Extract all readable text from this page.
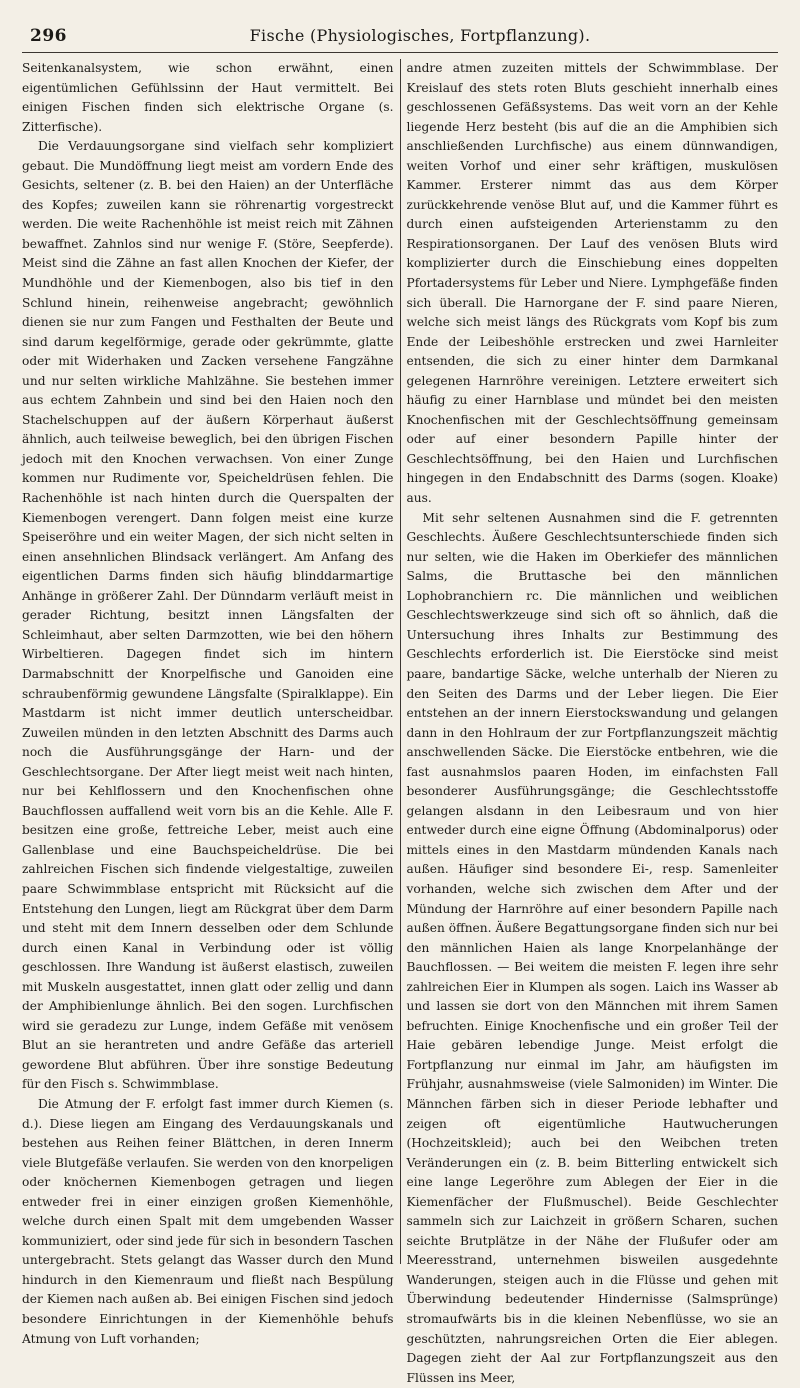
296	Fische (Physiologisches, Fortpflanzung).

Seitenkanalsystem, wie schon erwähnt, einen eigentümlichen Gefühlssinn der Haut vermittelt. Bei einigen Fischen finden sich elektrische Organe (s. Zitterfische).

Die Verdauungsorgane sind vielfach sehr kompliziert gebaut. Die Mundöffnung liegt meist am vordern Ende des Gesichts, seltener (z. B. bei den Haien) an der Unterfläche des Kopfes; zuweilen kann sie röhrenartig vorgestreckt werden. Die weite Rachenhöhle ist meist reich mit Zähnen bewaffnet. Zahnlos sind nur wenige F. (Störe, Seepferde). Meist sind die Zähne an fast allen Knochen der Kiefer, der Mundhöhle und der Kiemenbogen, also bis tief in den Schlund hinein, reihenweise angebracht; gewöhnlich dienen sie nur zum Fangen und Festhalten der Beute und sind darum kegelförmige, gerade oder gekrümmte, glatte oder mit Widerhaken und Zacken versehene Fangzähne und nur selten wirkliche Mahlzähne. Sie bestehen immer aus echtem Zahnbein und sind bei den Haien noch den Stachelschuppen auf der äußern Körperhaut äußerst ähnlich, auch teilweise beweglich, bei den übrigen Fischen jedoch mit den Knochen verwachsen. Von einer Zunge kommen nur Rudimente vor, Speicheldrüsen fehlen. Die Rachenhöhle ist nach hinten durch die Querspalten der Kiemenbogen verengert. Dann folgen meist eine kurze Speiseröhre und ein weiter Magen, der sich nicht selten in einen ansehnlichen Blindsack verlängert. Am Anfang des eigentlichen Darms finden sich häufig blinddarmartige Anhänge in größerer Zahl. Der Dünndarm verläuft meist in gerader Richtung, besitzt innen Längsfalten der Schleimhaut, aber selten Darmzotten, wie bei den höhern Wirbeltieren. Dagegen findet sich im hintern Darmabschnitt der Knorpelfische und Ganoiden eine schraubenförmig gewundene Längsfalte (Spiralklappe). Ein Mastdarm ist nicht immer deutlich unterscheidbar. Zuweilen münden in den letzten Abschnitt des Darms auch noch die Ausführungsgänge der Harn- und der Geschlechtsorgane. Der After liegt meist weit nach hinten, nur bei Kehlflossern und den Knochenfischen ohne Bauchflossen auffallend weit vorn bis an die Kehle. Alle F. besitzen eine große, fettreiche Leber, meist auch eine Gallenblase und eine Bauchspeicheldrüse. Die bei zahlreichen Fischen sich findende vielgestaltige, zuweilen paare Schwimmblase entspricht mit Rücksicht auf die Entstehung den Lungen, liegt am Rückgrat über dem Darm und steht mit dem Innern desselben oder dem Schlunde durch einen Kanal in Verbindung oder ist völlig geschlossen. Ihre Wandung ist äußerst elastisch, zuweilen mit Muskeln ausgestattet, innen glatt oder zellig und dann der Amphibienlunge ähnlich. Bei den sogen. Lurchfischen wird sie geradezu zur Lunge, indem Gefäße mit venösem Blut an sie herantreten und andre Gefäße das arteriell gewordene Blut abführen. Über ihre sonstige Bedeutung für den Fisch s. Schwimmblase.

Die Atmung der F. erfolgt fast immer durch Kiemen (s. d.). Diese liegen am Eingang des Verdauungskanals und bestehen aus Reihen feiner Blättchen, in deren Innerm viele Blutgefäße verlaufen. Sie werden von den knorpeligen oder knöchernen Kiemenbogen getragen und liegen entweder frei in einer einzigen großen Kiemenhöhle, welche durch einen Spalt mit dem umgebenden Wasser kommuniziert, oder sind jede für sich in besondern Taschen untergebracht. Stets gelangt das Wasser durch den Mund hindurch in den Kiemenraum und fließt nach Bespülung der Kiemen nach außen ab. Bei einigen Fischen sind jedoch besondere Einrichtungen in der Kiemenhöhle behufs Atmung von Luft vorhanden;

andre atmen zuzeiten mittels der Schwimmblase. Der Kreislauf des stets roten Bluts geschieht innerhalb eines geschlossenen Gefäßsystems. Das weit vorn an der Kehle liegende Herz besteht (bis auf die an die Amphibien sich anschließenden Lurchfische) aus einem dünnwandigen, weiten Vorhof und einer sehr kräftigen, muskulösen Kammer. Ersterer nimmt das aus dem Körper zurückkehrende venöse Blut auf, und die Kammer führt es durch einen aufsteigenden Arterienstamm zu den Respirationsorganen. Der Lauf des venösen Bluts wird komplizierter durch die Einschiebung eines doppelten Pfortadersystems für Leber und Niere. Lymphgefäße finden sich überall. Die Harnorgane der F. sind paare Nieren, welche sich meist längs des Rückgrats vom Kopf bis zum Ende der Leibeshöhle erstrecken und zwei Harnleiter entsenden, die sich zu einer hinter dem Darmkanal gelegenen Harnröhre vereinigen. Letztere erweitert sich häufig zu einer Harnblase und mündet bei den meisten Knochenfischen mit der Geschlechtsöffnung gemeinsam oder auf einer besondern Papille hinter der Geschlechtsöffnung, bei den Haien und Lurchfischen hingegen in den Endabschnitt des Darms (sogen. Kloake) aus.

Mit sehr seltenen Ausnahmen sind die F. getrennten Geschlechts. Äußere Geschlechtsunterschiede finden sich nur selten, wie die Haken im Oberkiefer des männlichen Salms, die Bruttasche bei den männlichen Lophobranchiern rc. Die männlichen und weiblichen Geschlechtswerkzeuge sind sich oft so ähnlich, daß die Untersuchung ihres Inhalts zur Bestimmung des Geschlechts erforderlich ist. Die Eierstöcke sind meist paare, bandartige Säcke, welche unterhalb der Nieren zu den Seiten des Darms und der Leber liegen. Die Eier entstehen an der innern Eierstockswandung und gelangen dann in den Hohlraum der zur Fortpflanzungszeit mächtig anschwellenden Säcke. Die Eierstöcke entbehren, wie die fast ausnahmslos paaren Hoden, im einfachsten Fall besonderer Ausführungsgänge; die Geschlechtsstoffe gelangen alsdann in den Leibesraum und von hier entweder durch eine eigne Öffnung (Abdominalporus) oder mittels eines in den Mastdarm mündenden Kanals nach außen. Häufiger sind besondere Ei-, resp. Samenleiter vorhanden, welche sich zwischen dem After und der Mündung der Harnröhre auf einer besondern Papille nach außen öffnen. Äußere Begattungsorgane finden sich nur bei den männlichen Haien als lange Knorpelanhänge der Bauchflossen. — Bei weitem die meisten F. legen ihre sehr zahlreichen Eier in Klumpen als sogen. Laich ins Wasser ab und lassen sie dort von den Männchen mit ihrem Samen befruchten. Einige Knochenfische und ein großer Teil der Haie gebären lebendige Junge. Meist erfolgt die Fortpflanzung nur einmal im Jahr, am häufigsten im Frühjahr, ausnahmsweise (viele Salmoniden) im Winter. Die Männchen färben sich in dieser Periode lebhafter und zeigen oft eigentümliche Hautwucherungen (Hochzeitskleid); auch bei den Weibchen treten Veränderungen ein (z. B. beim Bitterling entwickelt sich eine lange Legeröhre zum Ablegen der Eier in die Kiemenfächer der Flußmuschel). Beide Geschlechter sammeln sich zur Laichzeit in größern Scharen, suchen seichte Brutplätze in der Nähe der Flußufer oder am Meeresstrand, unternehmen bisweilen ausgedehnte Wanderungen, steigen auch in die Flüsse und gehen mit Überwindung bedeutender Hindernisse (Salmsprünge) stromaufwärts bis in die kleinen Nebenflüsse, wo sie an geschützten, nahrungsreichen Orten die Eier ablegen. Dagegen zieht der Aal zur Fortpflanzungszeit aus den Flüssen ins Meer,
